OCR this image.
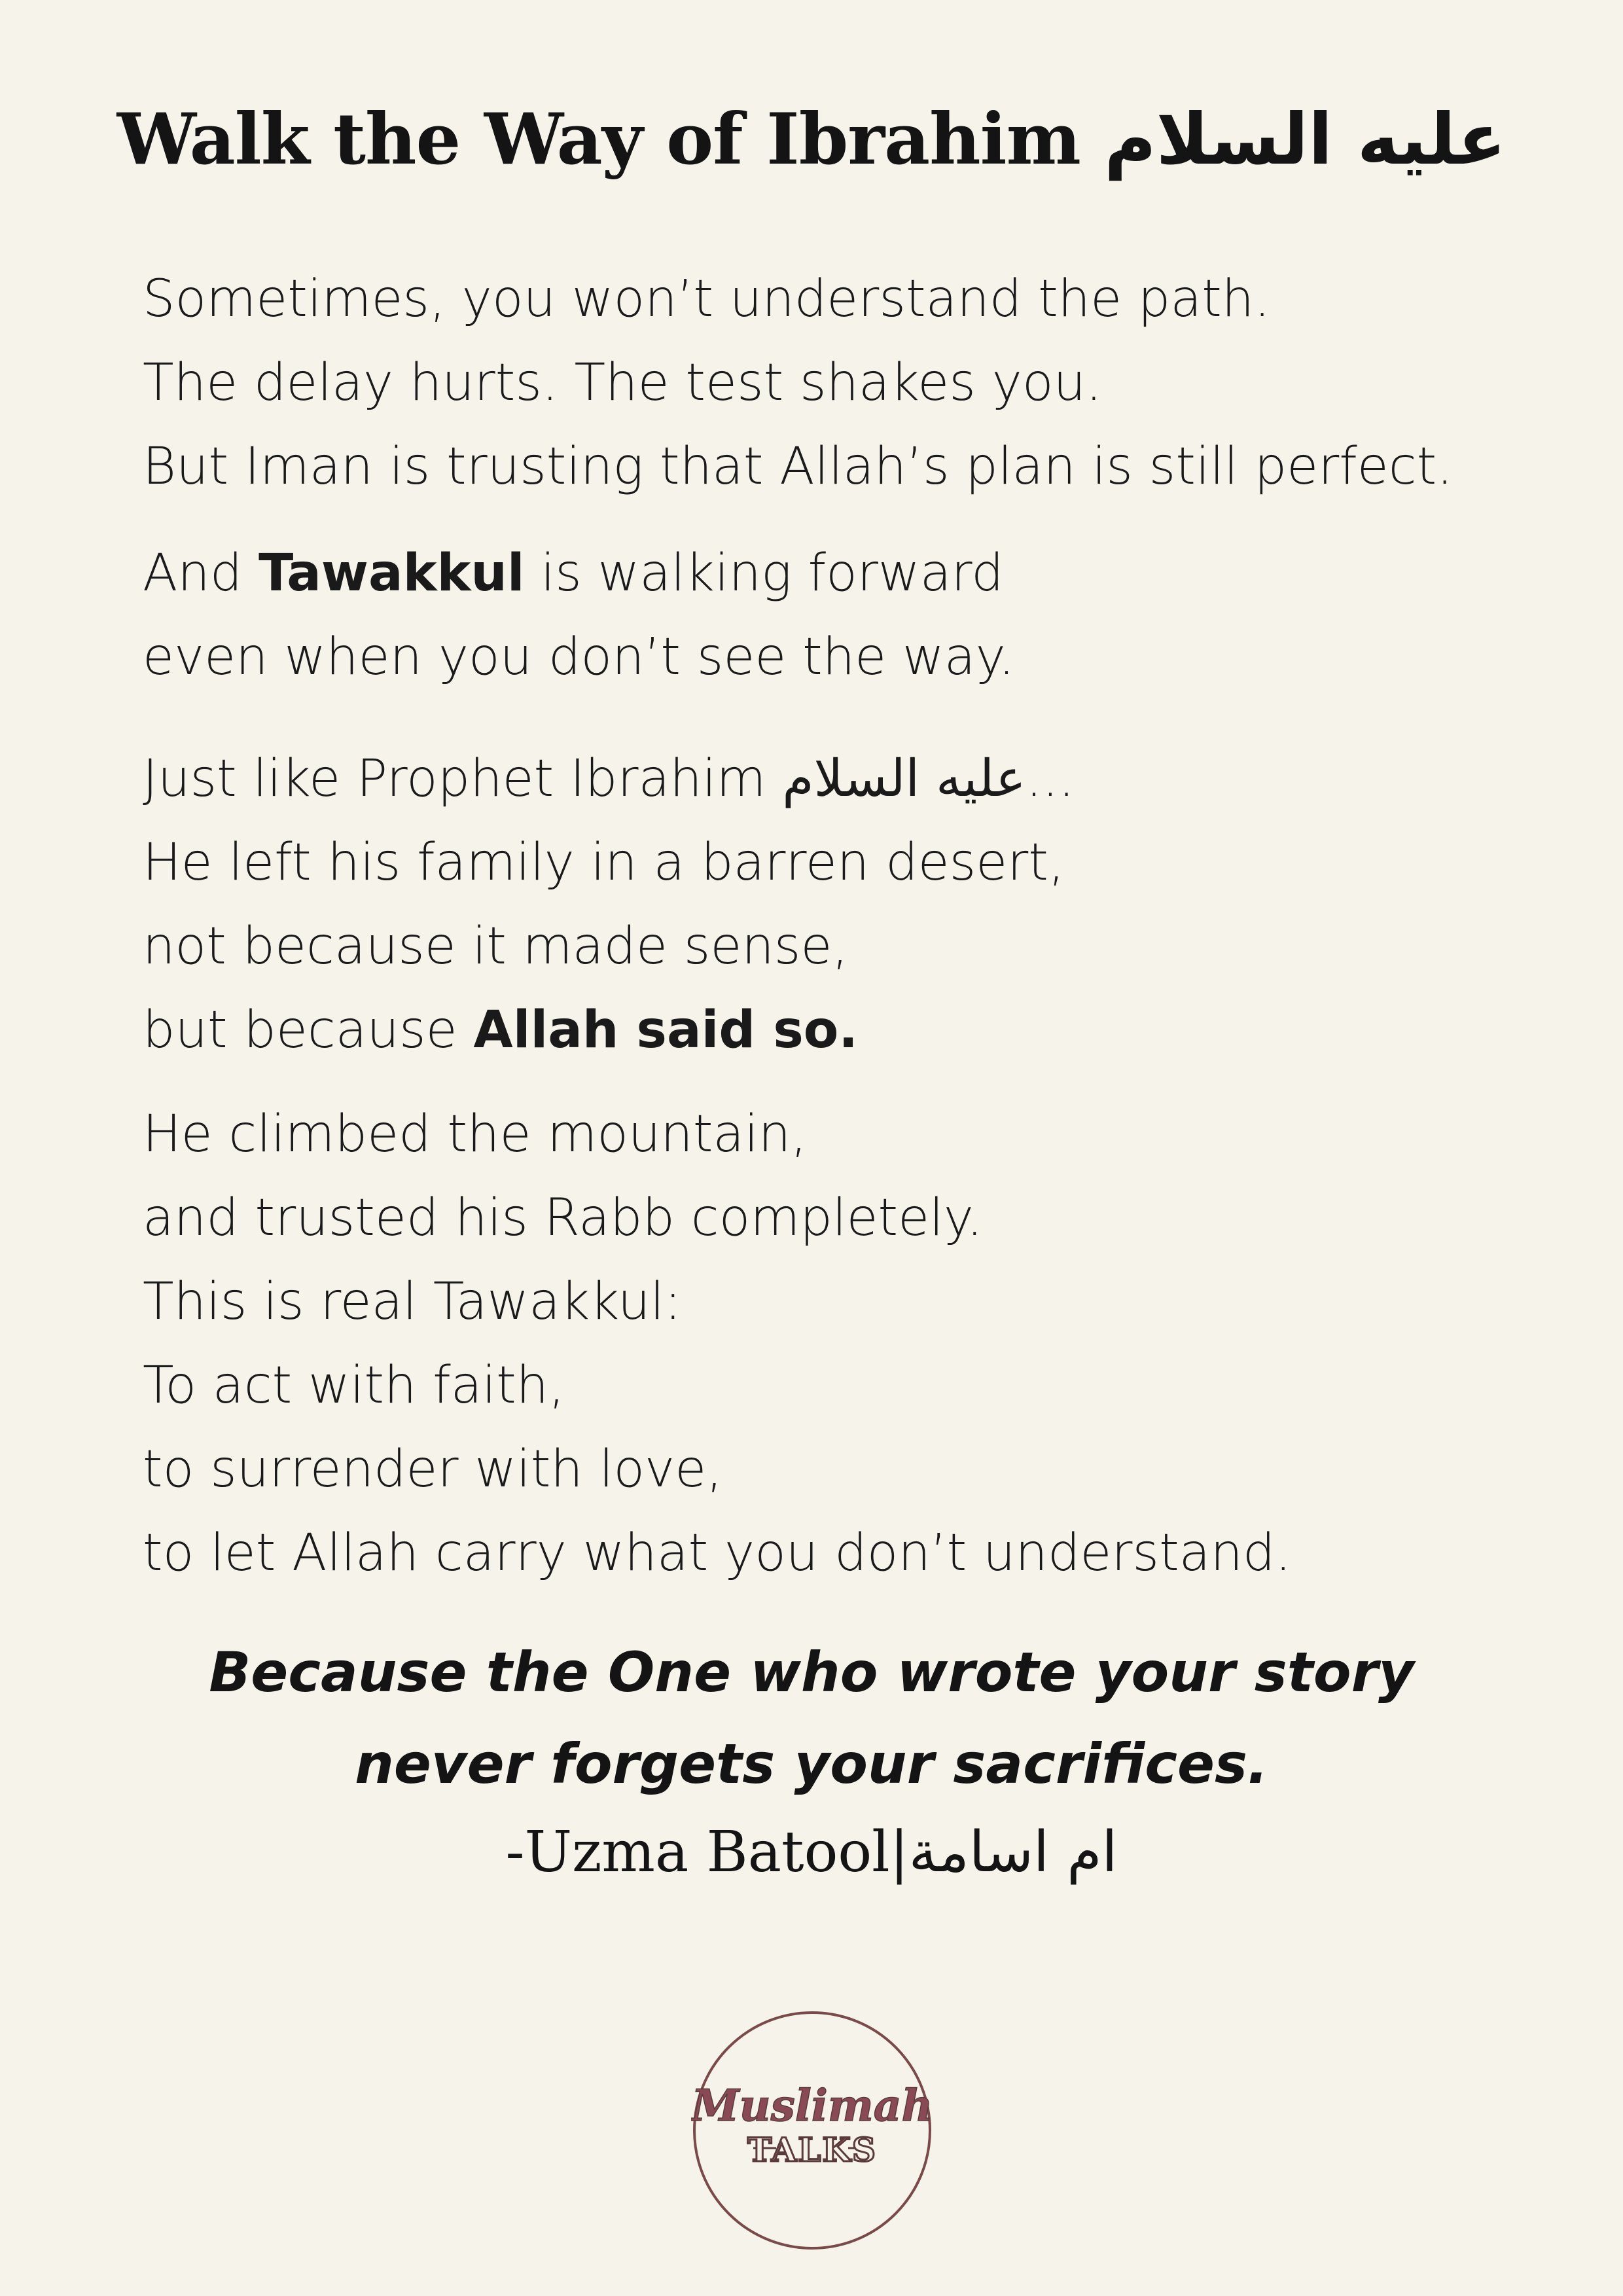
Walk the Way of Ibrahim عليه السلام
Sometimes, you won’t understand the path.
The delay hurts. The test shakes you.
But Iman is trusting that Allah’s plan is still perfect.
And Tawakkul is walking forward
even when you don’t see the way.
Just like Prophet Ibrahim عليه السلام...
He left his family in a barren desert,
not because it made sense,
but because Allah said so.
He climbed the mountain,
and trusted his Rabb completely.
This is real Tawakkul:
To act with faith,
to surrender with love,
to let Allah carry what you don’t understand.
Because the One who wrote your story
never forgets your sacrifices.
-Uzma Batool|ام اسامة
Muslimah
TALKS
